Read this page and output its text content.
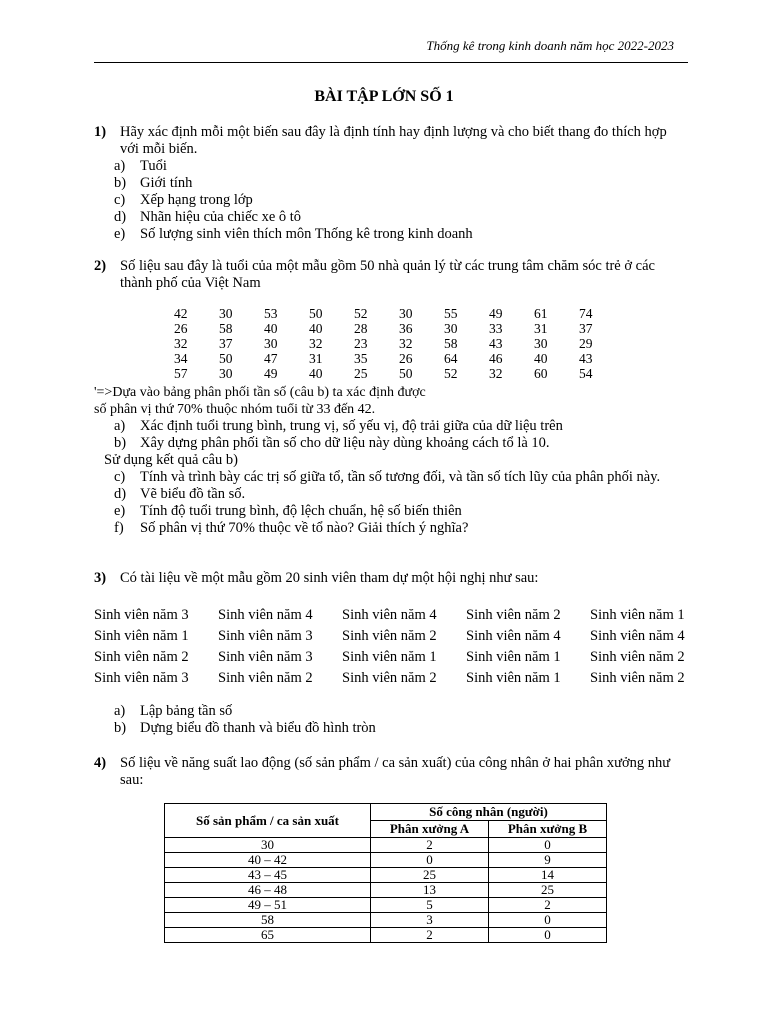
Thống kê trong kinh doanh năm học 2022-2023
BÀI TẬP LỚN SỐ 1
1) Hãy xác định mỗi một biến sau đây là định tính hay định lượng và cho biết thang đo thích hợp với mỗi biến.
a)	Tuổi
b) Giới tính
c)	Xếp hạng trong lớp
d) Nhãn hiệu của chiếc xe ô tô
e)	Số lượng sinh viên thích môn Thống kê trong kinh doanh
2) Số liệu sau đây là tuổi của một mẫu gồm 50 nhà quản lý từ các trung tâm chăm sóc trẻ ở các thành phố của Việt Nam
42	30	53	50	52	30	55	49	61	74
26	58	40	40	28	36	30	33	31	37
32	37	30	32	23	32	58	43	30	29
34	50	47	31	35	26	64	46	40	43
57	30	49	40	25	50	52	32	60	54
'=>Dựa vào bảng phân phối tần số (câu b) ta xác định được
số phân vị thứ 70% thuộc nhóm tuổi từ 33 đến 42.
a)	Xác định tuổi trung bình, trung vị, số yếu vị, độ trải giữa của dữ liệu trên
b) Xây dựng phân phối tần số cho dữ liệu này dùng khoảng cách tổ là 10.
Sử dụng kết quả câu b)
c)	Tính và trình bày các trị số giữa tổ, tần số tương đối, và tần số tích lũy của phân phối này.
d) Vẽ biểu đồ tần số.
e)	Tính độ tuổi trung bình, độ lệch chuẩn, hệ số biến thiên
f)	Số phân vị thứ 70% thuộc về tổ nào? Giải thích ý nghĩa?
3) Có tài liệu về một mẫu gồm 20 sinh viên tham dự một hội nghị như sau:
Sinh viên năm 3	Sinh viên năm 4	Sinh viên năm 4	Sinh viên năm 2	Sinh viên năm 1
Sinh viên năm 1	Sinh viên năm 3	Sinh viên năm 2	Sinh viên năm 4	Sinh viên năm 4
Sinh viên năm 2	Sinh viên năm 3	Sinh viên năm 1	Sinh viên năm 1	Sinh viên năm 2
Sinh viên năm 3	Sinh viên năm 2	Sinh viên năm 2	Sinh viên năm 1	Sinh viên năm 2
a)	Lập bảng tần số
b) Dựng biểu đồ thanh và biểu đồ hình tròn
4) Số liệu về năng suất lao động (số sản phẩm / ca sản xuất) của công nhân ở hai phân xưởng như sau:
Số sản phẩm / ca sản xuất	Số công nhân (người)	
	Phân xưởng A	Phân xưởng B
30	2	0
40 – 42	0	9
43 – 45	25	14
46 – 48	13	25
49 – 51	5	2
58	3	0
65	2	0
